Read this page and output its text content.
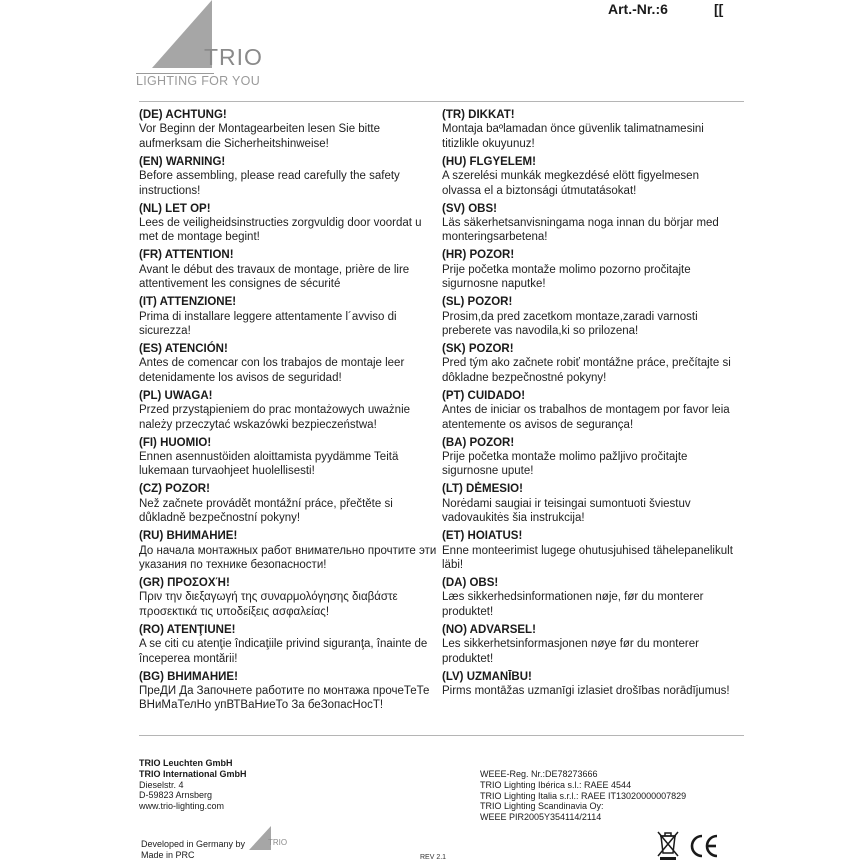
TRIO
LIGHTING FOR YOU
Art.-Nr.:6	[[
(DE) ACHTUNG!
Vor Beginn der Montagearbeiten lesen Sie bitte
aufmerksam die Sicherheitshinweise!
(EN) WARNING!
Before assembling, please read carefully the safety
instructions!
(NL) LET OP!
Lees de veiligheidsinstructies zorgvuldig door voordat u
met de montage begint!
(FR) ATTENTION!
Avant le début des travaux de montage, prière de lire
attentivement les consignes de sécurité
(IT) ATTENZIONE!
Prima di installare leggere attentamente l´avviso di
sicurezza!
(ES) ATENCIÓN!
Antes de comencar con los trabajos de montaje leer
detenidamente los avisos de seguridad!
(PL) UWAGA!
Przed przystąpieniem do prac montażowych uważnie
należy przeczytać wskazówki bezpieczeństwa!
(FI) HUOMIO!
Ennen asennustöiden aloittamista pyydämme Teitä
lukemaan turvaohjeet huolellisesti!
(CZ) POZOR!
Než začnete provádět montážní práce, přečtěte si
důkladně bezpečnostní pokyny!
(RU) ВНИМАНИЕ!
До начала монтажных работ внимательно прочтите эти
указания по технике безопасности!
(GR) ΠΡΟΣΟΧΉ!
Πριν την διεξαγωγή της συναρμολόγησης διαβάστε
προσεκτικά τις υποδείξεις ασφαλείας!
(RO) ATENŢIUNE!
A se citi cu atenţie îndicaţiile privind siguranţa, înainte de
începerea montării!
(BG) ВНИМАНИЕ!
ПреДИ Да Започнете работите по монтажа прочеТеТе
ВНиМаТелНо упВТВаНиеТо За беЗопасНосТ!
(TR) DIKKAT!
Montaja baºlamadan önce güvenlik talimatnamesini
titizlikle okuyunuz!
(HU) FLGYELEM!
A szerelési munkák megkezdésé elött figyelmesen
olvassa el a biztonsági útmutatásokat!
(SV) OBS!
Läs säkerhetsanvisningama noga innan du börjar med
monteringsarbetena!
(HR) POZOR!
Prije početka montaže molimo pozorno pročitajte
sigurnosne naputke!
(SL) POZOR!
Prosim,da pred zacetkom montaze,zaradi varnosti
preberete vas navodila,ki so prilozena!
(SK) POZOR!
Pred tým ako začnete robiť montážne práce, prečítajte si
dôkladne bezpečnostné pokyny!
(PT) CUIDADO!
Antes de iniciar os trabalhos de montagem por favor leia
atentemente os avisos de segurança!
(BA) POZOR!
Prije početka montaže molimo pažljivo pročitajte
sigurnosne upute!
(LT) DĖMESIO!
Norėdami saugiai ir teisingai sumontuoti šviestuv
vadovaukitės šia instrukcija!
(ET) HOIATUS!
Enne monteerimist lugege ohutusjuhised tähelepanelikult
läbi!
(DA) OBS!
Læs sikkerhedsinformationen nøje, før du monterer
produktet!
(NO) ADVARSEL!
Les sikkerhetsinformasjonen nøye før du monterer
produktet!
(LV) UZMANĪBU!
Pirms montāžas uzmanīgi izlasiet drošības norādījumus!
TRIO Leuchten GmbH
TRIO International GmbH
Dieselstr. 4
D-59823 Arnsberg
www.trio-lighting.com
WEEE-Reg. Nr.:DE78273666
TRIO Lighting Ibérica s.l.: RAEE 4544
TRIO Lighting Italia s.r.l.: RAEE IT13020000007829
TRIO Lighting Scandinavia Oy:
WEEE PIR2005Y354114/2114
Developed in Germany by
Made in PRC
TRIO
REV 2.1
